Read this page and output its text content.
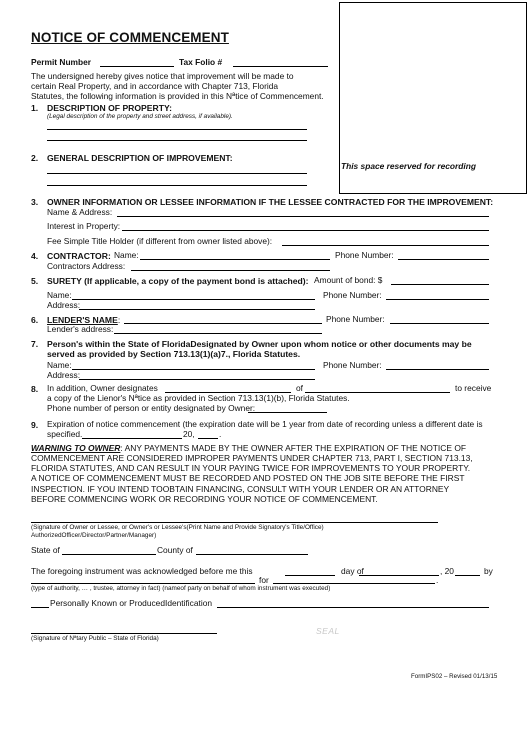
NOTICE OF COMMENCEMENT
This space reserved for recording
Permit Number	Tax Folio #
The undersigned hereby gives notice that improvement will be made to
certain Real Property, and in accordance with Chapter 713, Florida
Statutes, the following information is provided in this Nªtice of Commencement.
1. DESCRIPTION OF PROPERTY:
(Legal description of the property and street address, if available).
2. GENERAL DESCRIPTION OF IMPROVEMENT:
3. OWNER INFORMATION OR LESSEE INFORMATION IF THE LESSEE CONTRACTED FOR THE IMPROVEMENT:
Name & Address:
Interest in Property:
Fee Simple Title Holder (if different from owner listed above):
4. CONTRACTOR: Name:	Phone Number:
Contractors Address:
5. SURETY (If applicable, a copy of the payment bond is attached): Amount of bond: $
Name:	Phone Number:
Address:
6. LENDER'S NAME:	Phone Number:
Lender's address:
7. Person's within the State of FloridaDesignated by Owner upon whom notice or other documents may be
served as provided by Section 713.13(1)(a)7., Florida Statutes.
Name:	Phone Number:
Address:
8. In addition, Owner designates	of	to receive
a copy of the Lienor's Nªtice as provided in Section 713.13(1)(b), Florida Statutes.
Phone number of person or entity designated by Owner:
9. Expiration of notice commencement (the expiration date will be 1 year from date of recording unless a different date is
specified.	20,	.
WARNING TO OWNER: ANY PAYMENTS MADE BY THE OWNER AFTER THE EXPIRATION OF THE NOTICE OF
COMMENCEMENT ARE CONSIDERED IMPROPER PAYMENTS UNDER CHAPTER 713, PART I, SECTION 713.13,
FLORIDA STATUTES, AND CAN RESULT IN YOUR PAYING TWICE FOR IMPROVEMENTS TO YOUR PROPERTY.
A NOTICE OF COMMENCEMENT MUST BE RECORDED AND POSTED ON THE JOB SITE BEFORE THE FIRST
INSPECTION. IF YOU INTEND TOOBTAIN FINANCING, CONSULT WITH YOUR LENDER OR AN ATTORNEY
BEFORE COMMENCING WORK OR RECORDING YOUR NOTICE OF COMMENCEMENT.
(Signature of Owner or Lessee, or Owner's or Lessee's(Print Name and Provide Signatory's Title/Office)
AuthorizedOfficer/Director/Partner/Manager)
State of	County of
The foregoing instrument was acknowledged before me this	day of	, 20	by
for	.
(type of authority, … , trustee, attorney in fact) (nameof party on behalf of whom instrument was executed)
Personally Known or ProducedIdentification
(Signature of Nªtary Public – State of Florida)
SEAL
FormIPS02 – Revised 01/13/15
